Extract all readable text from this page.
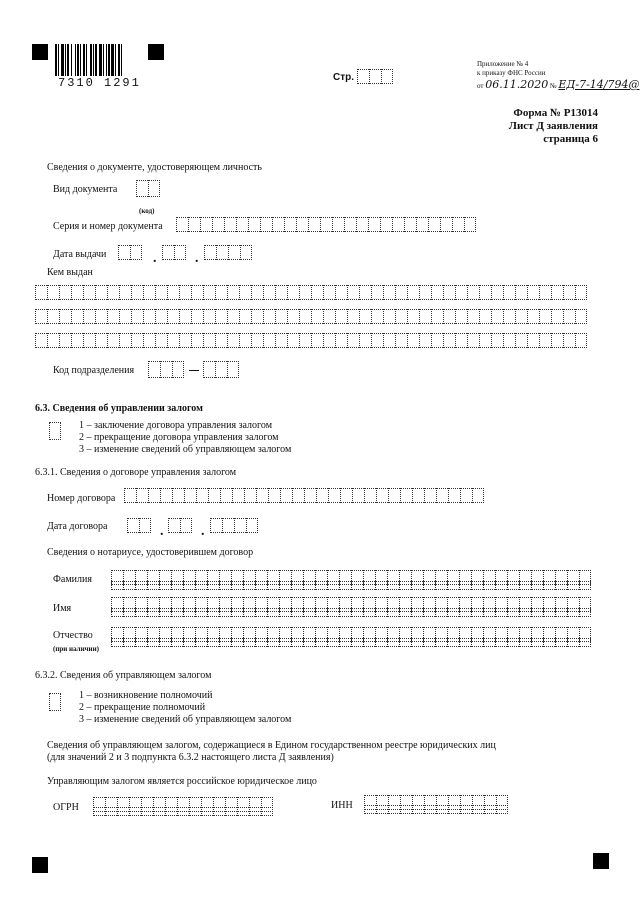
7310 1291	Стр.
Приложение № 4
к приказу ФНС России
от 06.11.2020 № ЕД-7-14/794@
Форма № Р13014
Лист Д заявления
страница 6
Сведения о документе, удостоверяющем личность
Вид документа
(код)
Серия и номер документа
Дата выдачи	.	.
Кем выдан
Код подразделения
6.3. Сведения об управлении залогом
1 – заключение договора управления залогом
2 – прекращение договора управления залогом
3 – изменение сведений об управляющем залогом
6.3.1. Сведения о договоре управления залогом
Номер договора
Дата договора	.	.
Сведения о нотариусе, удостоверившем договор
Фамилия
Имя
Отчество
(при наличии)
6.3.2. Сведения об управляющем залогом
1 – возникновение полномочий
2 – прекращение полномочий
3 – изменение сведений об управляющем залогом
Сведения об управляющем залогом, содержащиеся в Едином государственном реестре юридических лиц
(для значений 2 и 3 подпункта 6.3.2 настоящего листа Д заявления)
Управляющим залогом является российское юридическое лицо
ОГРН	ИНН
